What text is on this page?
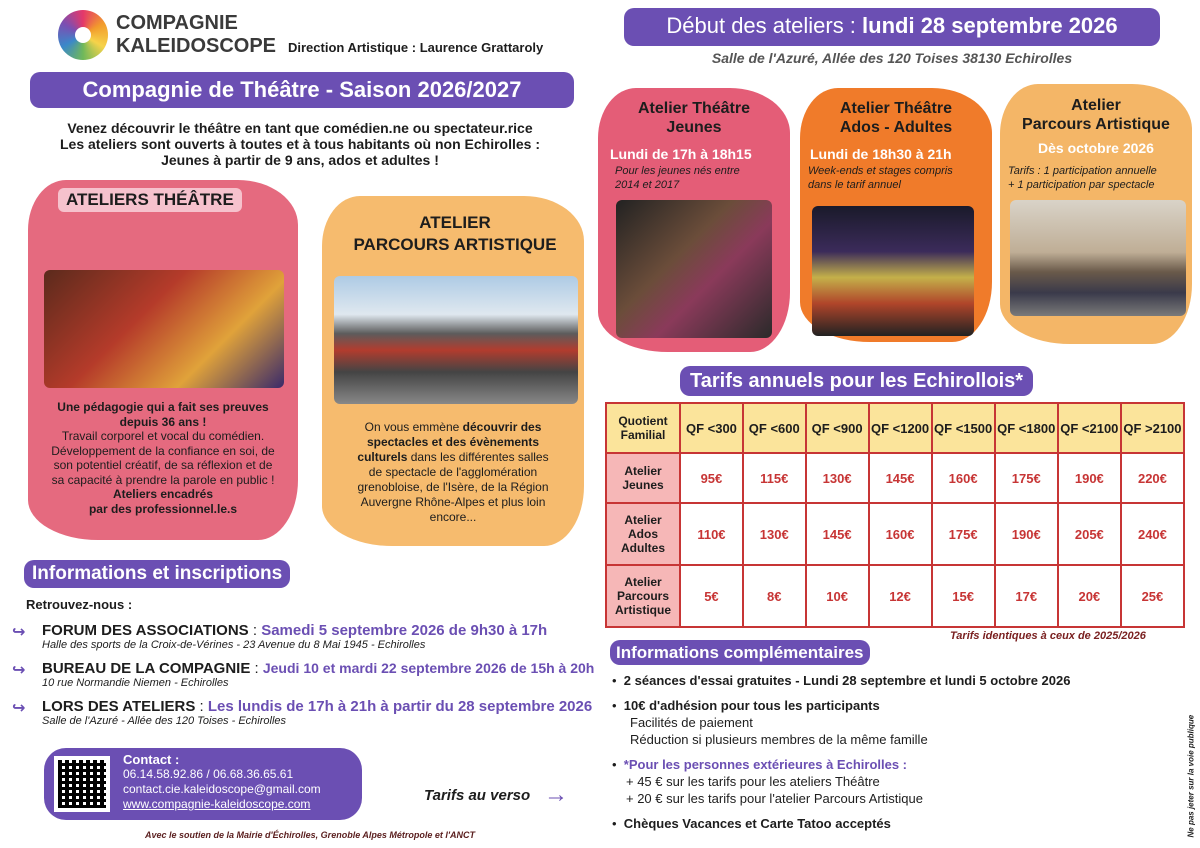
COMPAGNIE
KALEIDOSCOPE Direction Artistique : Laurence Grattaroly
Compagnie de Théâtre - Saison 2026/2027
Venez découvrir le théâtre en tant que comédien.ne ou spectateur.rice
Les ateliers sont ouverts à toutes et à tous habitants où non Echirolles :
Jeunes à partir de 9 ans, ados et adultes !
ATELIERS THÉÂTRE
Une pédagogie qui a fait ses preuves
depuis 36 ans !
Travail corporel et vocal du comédien.
Développement de la confiance en soi, de
son potentiel créatif, de sa réflexion et de
sa capacité à prendre la parole en public !
Ateliers encadrés
par des professionnel.le.s
ATELIER
PARCOURS ARTISTIQUE
On vous emmène découvrir des
spectacles et des évènements
culturels dans les différentes salles
de spectacle de l'agglomération
grenobloise, de l'Isère, de la Région
Auvergne Rhône-Alpes et plus loin
encore...
Informations et inscriptions
Retrouvez-nous :
↪ FORUM DES ASSOCIATIONS : Samedi 5 septembre 2026 de 9h30 à 17h
Halle des sports de la Croix-de-Vérines - 23 Avenue du 8 Mai 1945 - Echirolles
↪ BUREAU DE LA COMPAGNIE : Jeudi 10 et mardi 22 septembre 2026 de 15h à 20h
10 rue Normandie Niemen - Echirolles
↪ LORS DES ATELIERS : Les lundis de 17h à 21h à partir du 28 septembre 2026
Salle de l'Azuré - Allée des 120 Toises - Echirolles
Contact :
06.14.58.92.86 / 06.68.36.65.61
contact.cie.kaleidoscope@gmail.com
www.compagnie-kaleidoscope.com	Tarifs au verso →
Avec le soutien de la Mairie d'Échirolles, Grenoble Alpes Métropole et l'ANCT
Début des ateliers : lundi 28 septembre 2026
Salle de l'Azuré, Allée des 120 Toises 38130 Echirolles
Atelier Théâtre
Jeunes
Lundi de 17h à 18h15
Pour les jeunes nés entre
2014 et 2017
Atelier Théâtre
Ados - Adultes
Lundi de 18h30 à 21h
Week-ends et stages compris
dans le tarif annuel
Atelier
Parcours Artistique
Dès octobre 2026
Tarifs : 1 participation annuelle
+ 1 participation par spectacle
Tarifs annuels pour les Echirollois*
Quotient Familial	QF <300	QF <600	QF <900	QF <1200	QF <1500	QF <1800	QF <2100	QF >2100
Atelier Jeunes	95€	115€	130€	145€	160€	175€	190€	220€
Atelier Ados Adultes	110€	130€	145€	160€	175€	190€	205€	240€
Atelier Parcours Artistique	5€	8€	10€	12€	15€	17€	20€	25€
Tarifs identiques à ceux de 2025/2026
Informations complémentaires
•  2 séances d'essai gratuites - Lundi 28 septembre et lundi 5 octobre 2026
•  10€ d'adhésion pour tous les participants
Facilités de paiement
Réduction si plusieurs membres de la même famille
•  *Pour les personnes extérieures à Echirolles :
+ 45 € sur les tarifs pour les ateliers Théâtre
+ 20 € sur les tarifs pour l'atelier Parcours Artistique
•  Chèques Vacances et Carte Tatoo acceptés	Ne pas jeter sur la voie publique
